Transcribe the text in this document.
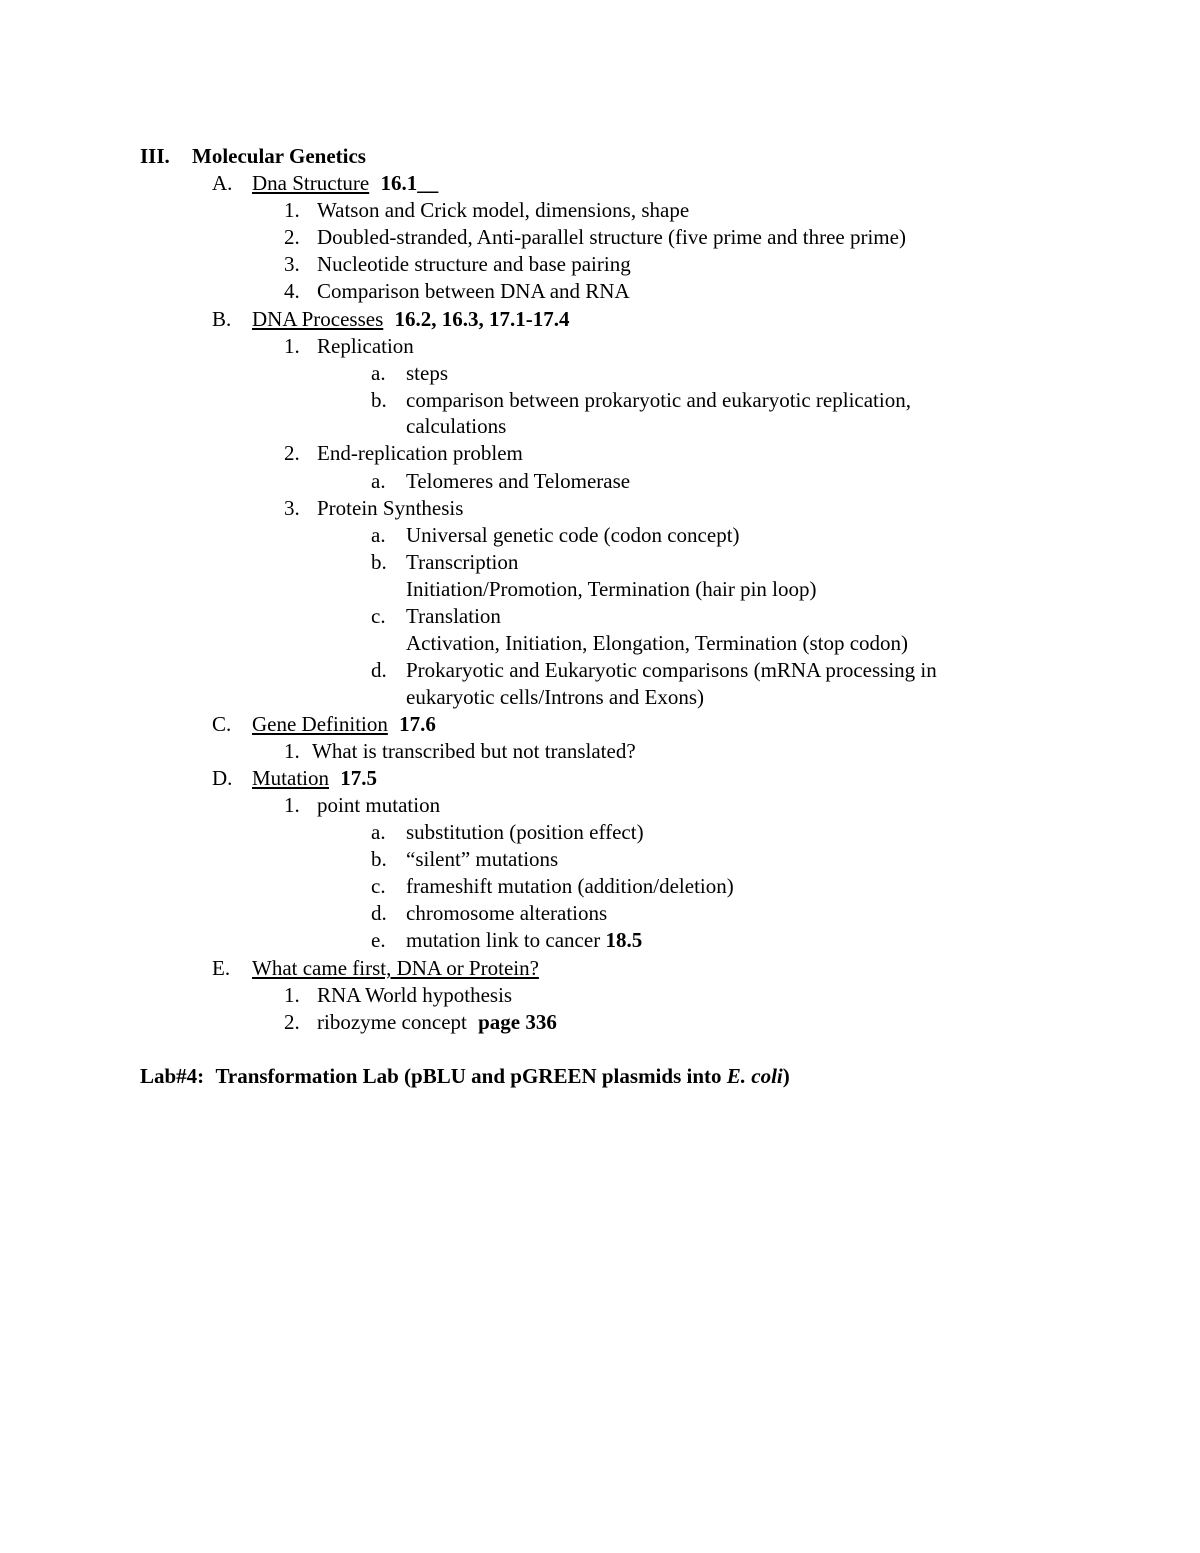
III. Molecular Genetics
A. Dna Structure 16.1__
1. Watson and Crick model, dimensions, shape
2. Doubled-stranded, Anti-parallel structure (five prime and three prime)
3. Nucleotide structure and base pairing
4. Comparison between DNA and RNA
B. DNA Processes 16.2, 16.3, 17.1-17.4
1. Replication
a. steps
b. comparison between prokaryotic and eukaryotic replication,
calculations
2. End-replication problem
a. Telomeres and Telomerase
3. Protein Synthesis
a. Universal genetic code (codon concept)
b. Transcription
Initiation/Promotion, Termination (hair pin loop)
c. Translation
Activation, Initiation, Elongation, Termination (stop codon)
d. Prokaryotic and Eukaryotic comparisons (mRNA processing in
eukaryotic cells/Introns and Exons)
C. Gene Definition 17.6
1. What is transcribed but not translated?
D. Mutation 17.5
1. point mutation
a. substitution (position effect)
b. “silent” mutations
c. frameshift mutation (addition/deletion)
d. chromosome alterations
e. mutation link to cancer 18.5
E. What came first, DNA or Protein?
1. RNA World hypothesis
2. ribozyme concept page 336
Lab#4: Transformation Lab (pBLU and pGREEN plasmids into E. coli)
